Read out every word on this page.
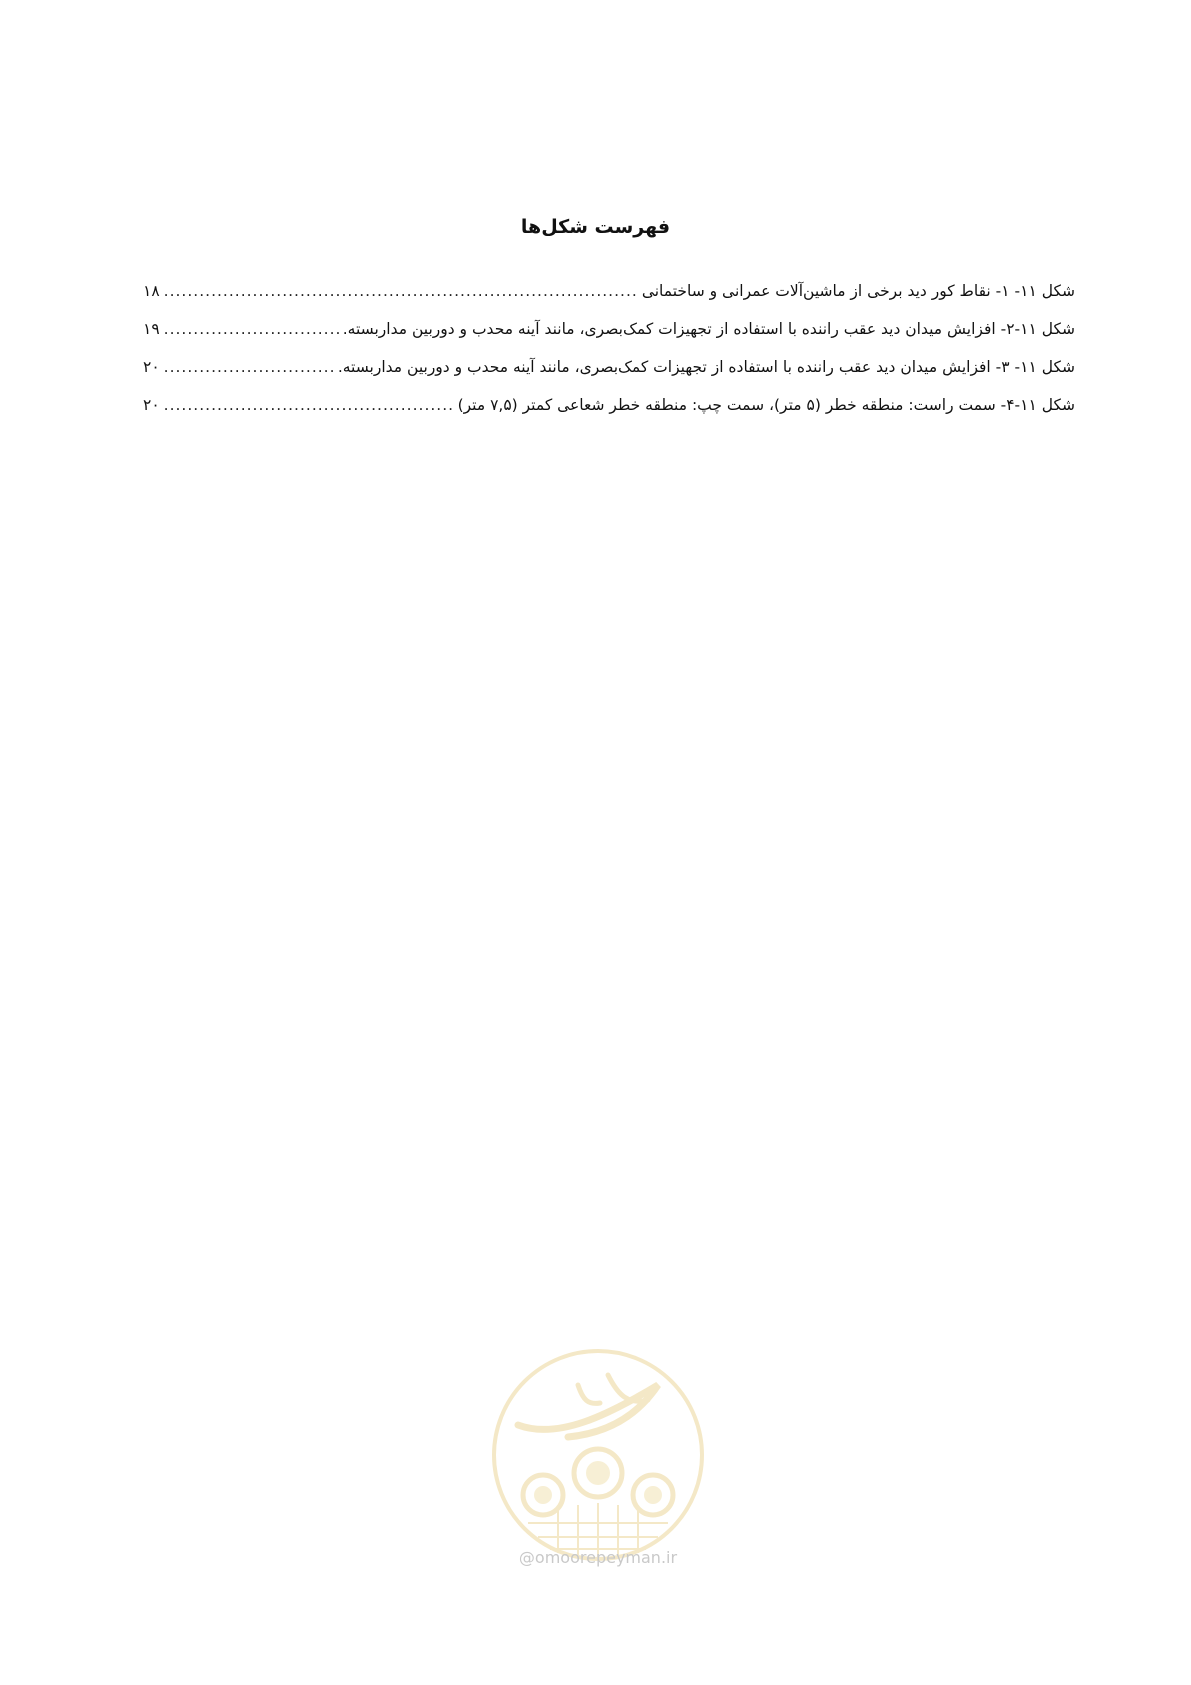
فهرست شکل‌ها
شکل ۱۱- ۱- نقاط کور دید برخی از ماشین‌آلات عمرانی و ساختمانی
.....
۱۸
شکل ۱۱-۲- افزایش میدان دید عقب راننده با استفاده از تجهیزات کمک‌بصری، مانند آینه محدب و دوربین مداربسته.
.....
۱۹
شکل ۱۱- ۳- افزایش میدان دید عقب راننده با استفاده از تجهیزات کمک‌بصری، مانند آینه محدب و دوربین مداربسته.
.....
۲۰
شکل ۱۱-۴- سمت راست: منطقه خطر (۵ متر)، سمت چپ: منطقه خطر شعاعی کمتر (۷,۵ متر)
.....
۲۰
@omoorepeyman.ir
